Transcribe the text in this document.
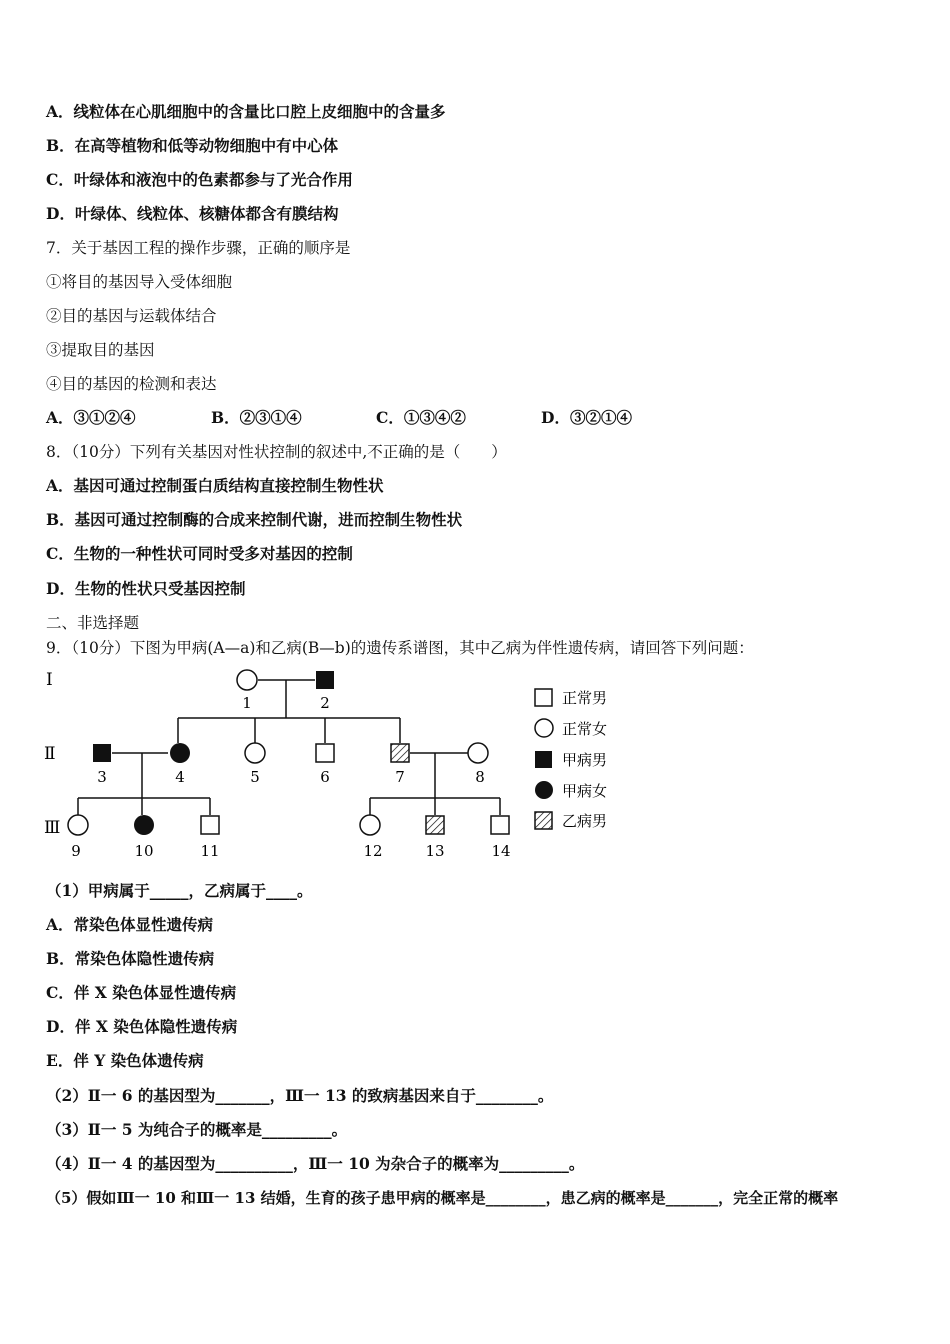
A．线粒体在心肌细胞中的含量比口腔上皮细胞中的含量多
B．在高等植物和低等动物细胞中有中心体
C．叶绿体和液泡中的色素都参与了光合作用
D．叶绿体、线粒体、核糖体都含有膜结构
7．关于基因工程的操作步骤，正确的顺序是
①将目的基因导入受体细胞
②目的基因与运载体结合
③提取目的基因
④目的基因的检测和表达
A．③①②④	B．②③①④	C．①③④②	D．③②①④
8．（10分）下列有关基因对性状控制的叙述中,不正确的是（　　）
A．基因可通过控制蛋白质结构直接控制生物性状
B．基因可通过控制酶的合成来控制代谢，进而控制生物性状
C．生物的一种性状可同时受多对基因的控制
D．生物的性状只受基因控制
二、非选择题
9．（10分）下图为甲病(A—a)和乙病(B—b)的遗传系谱图，其中乙病为伴性遗传病，请回答下列问题：
Ⅰ
Ⅱ
Ⅲ
1	2
3	4	5	6	7	8
9	10	11	12	13	14
正常男
正常女
甲病男
甲病女
乙病男
（1）甲病属于_____，乙病属于____。
A．常染色体显性遗传病
B．常染色体隐性遗传病
C．伴 X 染色体显性遗传病
D．伴 X 染色体隐性遗传病
E．伴 Y 染色体遗传病
（2）Ⅱ一 6 的基因型为_______，Ⅲ一 13 的致病基因来自于________。
（3）Ⅱ一 5 为纯合子的概率是_________。
（4）Ⅱ一 4 的基因型为__________，Ⅲ一 10 为杂合子的概率为_________。
（5）假如Ⅲ一 10 和Ⅲ一 13 结婚，生育的孩子患甲病的概率是________，患乙病的概率是_______，完全正常的概率
